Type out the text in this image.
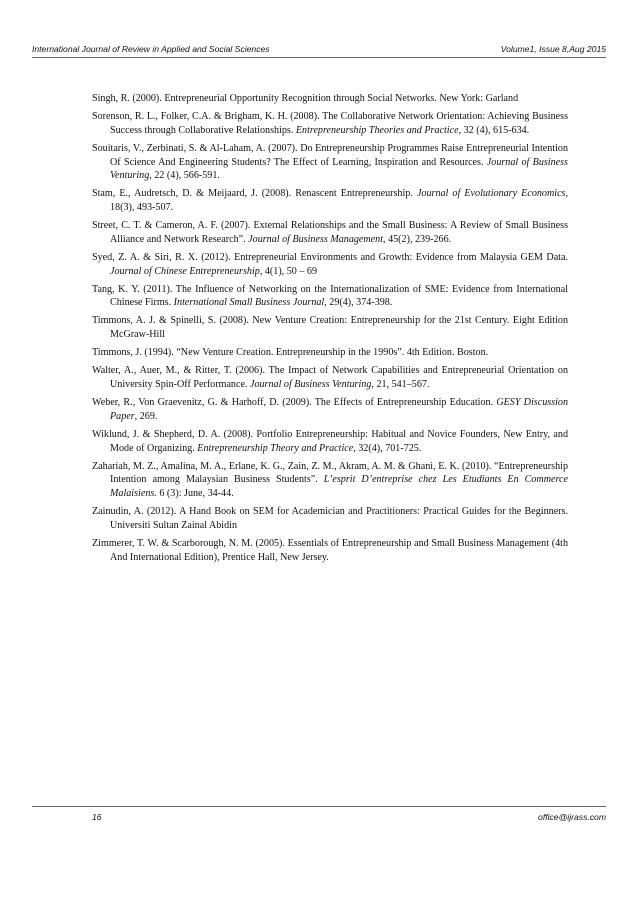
International Journal of Review in Applied and Social Sciences	Volume1, Issue 8,Aug 2015

Singh, R. (2000). Entrepreneurial Opportunity Recognition through Social Networks. New York: Garland

Sorenson, R. L., Folker, C.A. & Brigham, K. H. (2008). The Collaborative Network Orientation: Achieving Business Success through Collaborative Relationships. Entrepreneurship Theories and Practice, 32 (4), 615-634.

Souitaris, V., Zerbinati, S. & Al-Laham, A. (2007). Do Entrepreneurship Programmes Raise Entrepreneurial Intention Of Science And Engineering Students? The Effect of Learning, Inspiration and Resources. Journal of Business Venturing, 22 (4), 566-591.

Stam, E., Audretsch, D. & Meijaard, J. (2008). Renascent Entrepreneurship. Journal of Evolutionary Economics, 18(3), 493-507.

Street, C. T. & Cameron, A. F. (2007). External Relationships and the Small Business: A Review of Small Business Alliance and Network Research”. Journal of Business Management, 45(2), 239-266.

Syed, Z. A. & Siri, R. X. (2012). Entrepreneurial Environments and Growth: Evidence from Malaysia GEM Data. Journal of Chinese Entrepreneurship, 4(1), 50 – 69

Tang, K. Y. (2011). The Influence of Networking on the Internationalization of SME: Evidence from International Chinese Firms. International Small Business Journal, 29(4), 374-398.

Timmons, A. J. & Spinelli, S. (2008). New Venture Creation: Entrepreneurship for the 21st Century. Eight Edition McGraw-Hill

Timmons, J. (1994). “New Venture Creation. Entrepreneurship in the 1990s”. 4th Edition. Boston.

Walter, A., Auer, M., & Ritter, T. (2006). The Impact of Network Capabilities and Entrepreneurial Orientation on University Spin-Off Performance. Journal of Business Venturing, 21, 541–567.

Weber, R., Von Graevenitz, G. & Harhoff, D. (2009). The Effects of Entrepreneurship Education. GESY Discussion Paper, 269.

Wiklund, J. & Shepherd, D. A. (2008). Portfolio Entrepreneurship: Habitual and Novice Founders, New Entry, and Mode of Organizing. Entrepreneurship Theory and Practice, 32(4), 701-725.

Zahariah, M. Z., Amalina, M. A., Erlane, K. G., Zain, Z. M., Akram, A. M. & Ghani, E. K. (2010). “Entrepreneurship Intention among Malaysian Business Students”. L’esprit D’entreprise chez Les Etudiants En Commerce Malaisiens. 6 (3): June, 34-44.

Zainudin, A. (2012). A Hand Book on SEM for Academician and Practitioners: Practical Guides for the Beginners. Universiti Sultan Zainal Abidin

Zimmerer, T. W. & Scarborough, N. M. (2005). Essentials of Entrepreneurship and Small Business Management (4th And International Edition), Prentice Hall, New Jersey.

16	office@ijrass.com
